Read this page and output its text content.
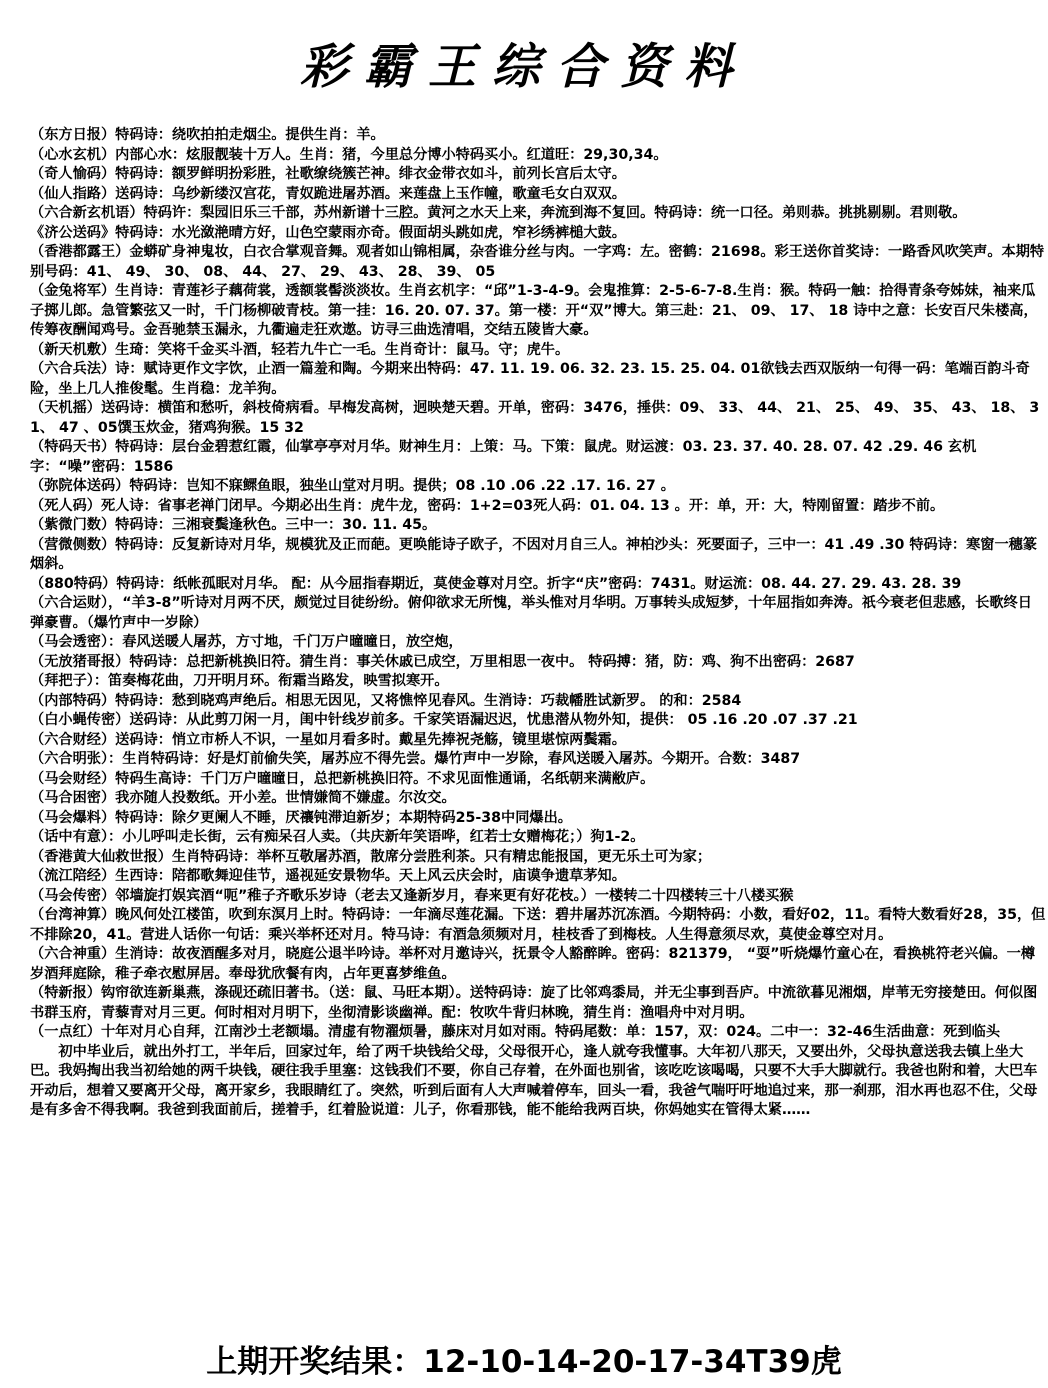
彩霸王综合资料

（东方日报）特码诗：绕吹拍拍走烟尘。提供生肖：羊。

（心水玄机）内部心水：炫服靓装十万人。生肖：猪，今里总分博小特码买小。红道旺：29,30,34。

（奇人愉码）特码诗：额罗鲜明扮彩胜，社歌缭绕簇芒神。绯衣金带衣如斗，前列长宫后太守。

（仙人指路）送码诗：乌纱新缕汉宫花，青奴跪进屠苏酒。来莲盘上玉作幢，歌童毛女白双双。

（六合新玄机语）特码许：梨园旧乐三千部，苏州新谱十三腔。黄河之水天上来，奔流到海不复回。特码诗：统一口径。弟则恭。挑挑剔剔。君则敬。

《济公送码》特码诗：水光潋滟晴方好，山色空蒙雨亦奇。假面胡头跳如虎，窄衫绣裤槌大鼓。

（香港都露王）金蟒矿身神鬼妆，白衣合掌观音舞。观者如山锦相属，杂沓谁分丝与肉。一字鸡：左。密鹤：21698。彩王送你首奖诗：一路香风吹笑声。本期特别号码：41、 49、 30、 08、 44、 27、 29、 43、 28、 39、 05

（金兔将军）生肖诗：青莲衫子藕荷裳，透额裳髻淡淡妆。生肖玄机字：“邱”1-3-4-9。会鬼推算：2-5-6-7-8.生肖：猴。特码一触：拾得青条夸姊妹，袖来瓜子掷儿郎。急管繁弦又一时，千门杨柳破青枝。第一挂：16. 20. 07. 37。第一楼：开“双”博大。第三赴：21、 09、 17、 18 诗中之意：长安百尺朱楼高，传筹夜酬闻鸡号。金吾驰禁玉漏永，九衢遍走狂欢遨。访寻三曲选清唱，交结五陵皆大豪。

（新天机敷）生琦：笑将千金买斗酒，轻若九牛亡一毛。生肖奇计：鼠马。守；虎牛。

（六合兵法）诗：赋诗更作文字饮，止酒一篇羞和陶。今期来出特码：47. 11. 19. 06. 32. 23. 15. 25. 04. 01欲钱去西双版纳一句得一码：笔端百韵斗奇险，坐上几人推俊髦。生肖稳：龙羊狗。

（天机摇）送码诗：横笛和愁听，斜枝倚病看。早梅发高树，迥映楚天碧。开单，密码：3476，捶供：09、 33、 44、 21、 25、 49、 35、 43、 18、 31、 47 、05馔玉炊金，猪鸡狗猴。15 32

（特码天书）特码诗：层台金碧惹红霞，仙掌亭亭对月华。财神生月：上策：马。下策：鼠虎。财运渡：03. 23. 37. 40. 28. 07. 42 .29. 46 玄机字：“噪”密码：1586

（弥院体送码）特码诗：岂知不寐鳏鱼眼，独坐山堂对月明。提供；08 .10 .06 .22 .17. 16. 27 。

（死人码）死人诗：省事老禅门闭早。今期必出生肖：虎牛龙，密码：1+2=03死人码：01. 04. 13 。开：单，开：大，特刚留置：踏步不前。

（紫微门数）特码诗：三湘衰鬓逢秋色。三中一：30. 11. 45。

（营微侧数）特码诗：反复新诗对月华，规模犹及正而葩。更唤能诗子欧子，不因对月自三人。神柏沙头：死要面子，三中一：41 .49 .30 特码诗：寒窗一穗篆烟斜。

（880特码）特码诗：纸帐孤眠对月华。 配：从今屈指春期近，莫使金尊对月空。折字“庆”密码：7431。财运流：08. 44. 27. 29. 43. 28. 39

（六合运财），“羊3-8”听诗对月两不厌，颇觉过目徒纷纷。俯仰欲求无所愧，举头惟对月华明。万事转头成短梦，十年屈指如奔涛。祇今衰老但悲感，长歌终日弹豪曹。（爆竹声中一岁除）

（马会透密）：春风送暖人屠苏，方寸地，千门万户曈曈日，放空炮，

（无放猪哥报）特码诗：总把新桃换旧符。猜生肖：事关休戚已成空，万里相思一夜中。 特码搏：猪，防：鸡、狗不出密码：2687

（拜把子）：笛奏梅花曲，刀开明月环。衔霜当路发，映雪拟寒开。

（内部特码）特码诗：愁到晓鸡声绝后。相思无因见，又将憔悴见春风。生消诗：巧裁幡胜试新罗。 的和：2584

（白小蝇传密）送码诗：从此剪刀闲一月，闺中针线岁前多。千家笑语漏迟迟，忧患潜从物外知，提供： 05 .16 .20 .07 .37 .21

（六合财经）送码诗：悄立市桥人不识，一星如月看多时。戴星先捧祝尧觞，镜里堪惊两鬓霜。

（六合明张）：生肖特码诗：好是灯前偷失笑，屠苏应不得先尝。爆竹声中一岁除，春风送暖入屠苏。今期开。合数：3487

（马会财经）特码生高诗：千门万户曈曈日，总把新桃换旧符。不求见面惟通诵，名纸朝来满敝庐。

（马合困密）我亦随人投数纸。开小差。世情嫌简不嫌虚。尔汝交。

（马会爆料）特码诗：除夕更阑人不睡，厌禳钝滞迫新岁；本期特码25-38中同爆出。

（话中有意）：小儿呼叫走长街，云有痴呆召人卖。（共庆新年笑语哗，红若士女赠梅花；）狗1-2。

（香港黄大仙救世报）生肖特码诗：举杯互敬屠苏酒，散席分尝胜利茶。只有精忠能报国，更无乐土可为家；

（流江陪经）生西诗：陪都歌舞迎佳节，遥视延安景物华。天上风云庆会时，庙谟争遗草茅知。

（马会传密）邻墙旋打娱宾酒“呃”稚子齐歌乐岁诗（老去又逢新岁月，春来更有好花枝。）一楼转二十四楼转三十八楼买猴

（台湾神算）晚风何处江楼笛，吹到东溟月上时。特码诗：一年滴尽莲花漏。下送：碧井屠苏沉冻酒。今期特码：小数，看好02，11。看特大数看好28，35，但不排除20，41。营进人话你一句话：乘兴举杯还对月。特马诗：有酒急须频对月，桂枝香了到梅枝。人生得意须尽欢，莫使金尊空对月。

（六合神重）生消诗：故夜酒醒多对月，晓庭公退半吟诗。举杯对月邀诗兴，抚景令人豁醉眸。密码：821379， “耍”听烧爆竹童心在，看换桃符老兴偏。一樽岁酒拜庭除，稚子牵衣慰屏居。奉母犹欣餐有肉，占年更喜梦维鱼。

（特新报）钩帘欲连新巢燕，涤砚还疏旧著书。（送：鼠、马旺本期）。送特码诗：旋了比邻鸡黍局，并无尘事到吾庐。中流欲暮见湘烟，岸苇无穷接楚田。何似图书群玉府，青藜青对月三更。何时相对月明下，坐彻清影谈幽禅。配：牧吹牛背归林晚，猜生肖：渔唱舟中对月明。

（一点红）十年对月心自拜，江南沙土老额塌。清虚有物濯烦暑，藤床对月如对雨。特码尾数：单：157，双：024。二中一：32-46生活曲意：死到临头

初中毕业后，就出外打工，半年后，回家过年，给了两千块钱给父母，父母很开心，逢人就夸我懂事。大年初八那天，又要出外，父母执意送我去镇上坐大巴。我妈掏出我当初给她的两千块钱，硬往我手里塞：这钱我们不要，你自己存着，在外面也别省，该吃吃该喝喝，只要不大手大脚就行。我爸也附和着，大巴车开动后，想着又要离开父母，离开家乡，我眼睛红了。突然，听到后面有人大声喊着停车，回头一看，我爸气喘吁吁地追过来，那一刹那，泪水再也忍不住，父母是有多舍不得我啊。我爸到我面前后，搓着手，红着脸说道：儿子，你看那钱，能不能给我两百块，你妈她实在管得太紧……

上期开奖结果：12-10-14-20-17-34T39虎
